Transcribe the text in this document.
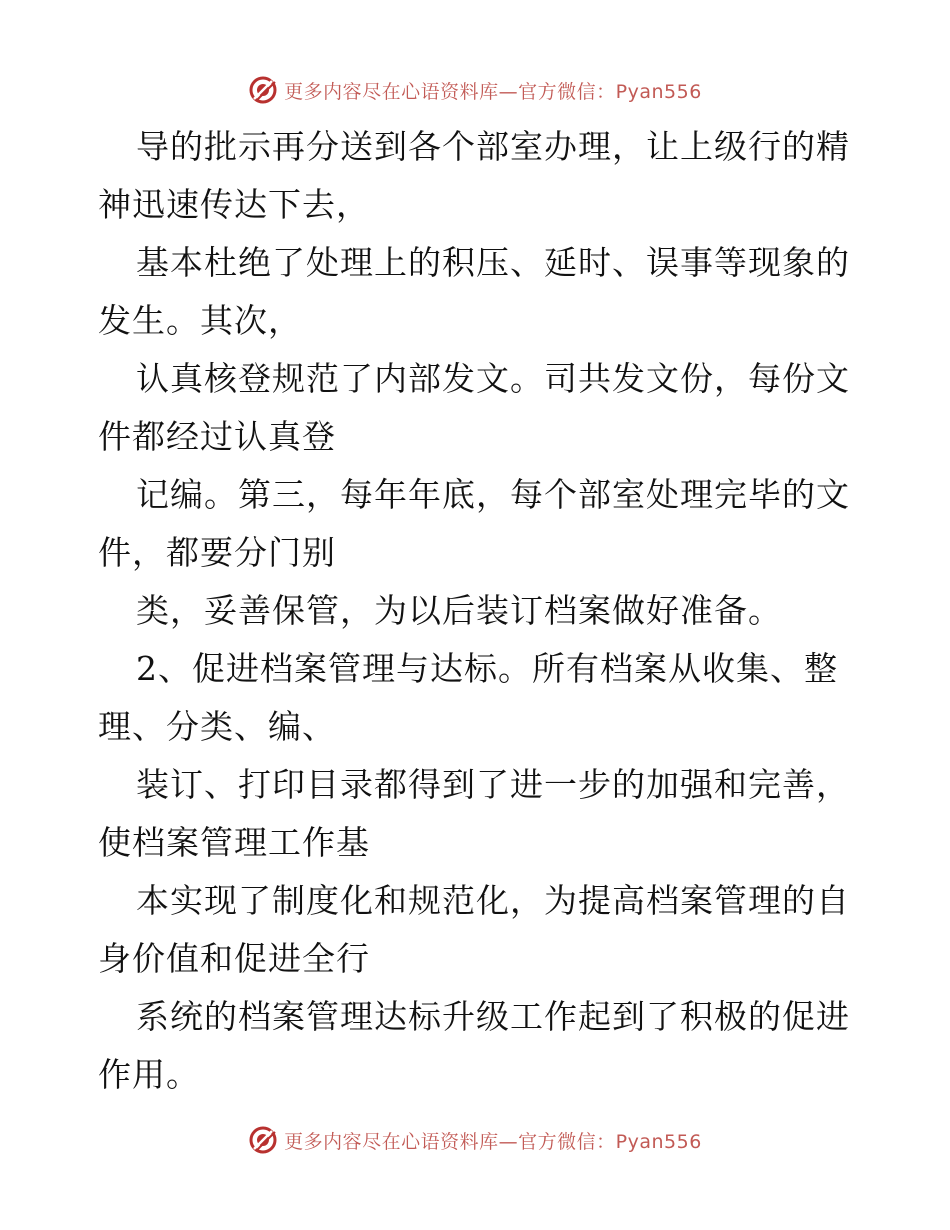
更多内容尽在心语资料库—官方微信：Pyan556

导的批示再分送到各个部室办理，让上级行的精神迅速传达下去，

基本杜绝了处理上的积压、延时、误事等现象的发生。其次，

认真核登规范了内部发文。司共发文份，每份文件都经过认真登

记编。第三，每年年底，每个部室处理完毕的文件，都要分门别

类，妥善保管，为以后装订档案做好准备。

2、促进档案管理与达标。所有档案从收集、整理、分类、编、

装订、打印目录都得到了进一步的加强和完善，使档案管理工作基

本实现了制度化和规范化，为提高档案管理的自身价值和促进全行

系统的档案管理达标升级工作起到了积极的促进作用。

更多内容尽在心语资料库—官方微信：Pyan556
